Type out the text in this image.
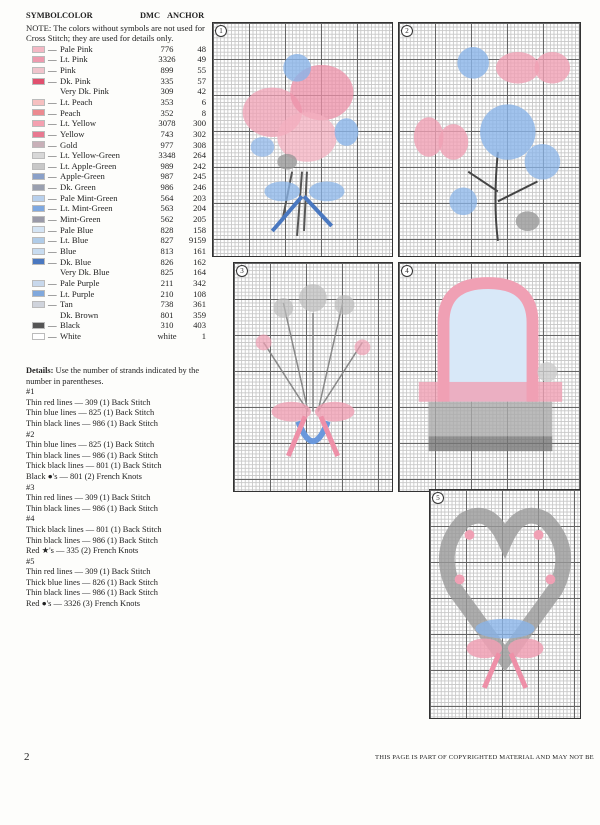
SYMBOL COLOR	DMC ANCHOR
NOTE: The colors without symbols are not used for Cross Stitch; they are used for details only.
— Pale Pink	776	48
— Lt. Pink	3326	49
— Pink	899	55
— Dk. Pink	335	57
Very Dk. Pink	309	42
— Lt. Peach	353	6
— Peach	352	8
— Lt. Yellow	3078	300
— Yellow	743	302
— Gold	977	308
— Lt. Yellow-Green	3348	264
— Lt. Apple-Green	989	242
— Apple-Green	987	245
— Dk. Green	986	246
— Pale Mint-Green	564	203
— Lt. Mint-Green	563	204
— Mint-Green	562	205
— Pale Blue	828	158
— Lt. Blue	827	9159
— Blue	813	161
— Dk. Blue	826	162
Very Dk. Blue	825	164
— Pale Purple	211	342
— Lt. Purple	210	108
— Tan	738	361
Dk. Brown	801	359
— Black	310	403
— White	white	1
Details: Use the number of strands indicated by the number in parentheses.
#1
Thin red lines — 309 (1) Back Stitch
Thin blue lines — 825 (1) Back Stitch
Thin black lines — 986 (1) Back Stitch
#2
Thin blue lines — 825 (1) Back Stitch
Thin black lines — 986 (1) Back Stitch
Thick black lines — 801 (1) Back Stitch
Black ●'s — 801 (2) French Knots
#3
Thin red lines — 309 (1) Back Stitch
Thin black lines — 986 (1) Back Stitch
#4
Thick black lines — 801 (1) Back Stitch
Thin black lines — 986 (1) Back Stitch
Red ★'s — 335 (2) French Knots
#5
Thin red lines — 309 (1) Back Stitch
Thick blue lines — 826 (1) Back Stitch
Thin black lines — 986 (1) Back Stitch
Red ●'s — 3326 (3) French Knots
1	2
3	4
5
2	THIS PAGE IS PART OF COPYRIGHTED MATERIAL AND MAY NOT BE
